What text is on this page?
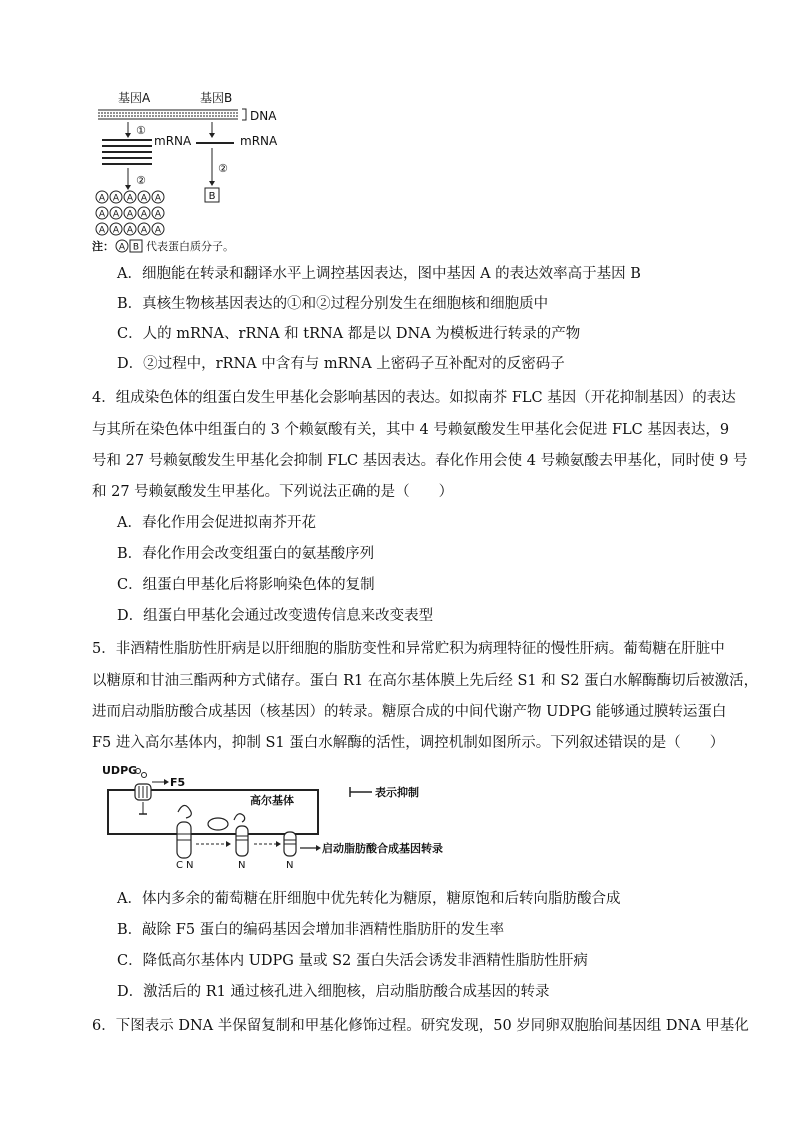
基因A	基因B
DNA
①
mRNA	mRNA
②
②
B
A A A A A
A A A A A
A A A A A
注： A B 代表蛋白质分子。
A．细胞能在转录和翻译水平上调控基因表达，图中基因 A 的表达效率高于基因 B
B．真核生物核基因表达的①和②过程分别发生在细胞核和细胞质中
C．人的 mRNA、rRNA 和 tRNA 都是以 DNA 为模板进行转录的产物
D．②过程中，rRNA 中含有与 mRNA 上密码子互补配对的反密码子
4．组成染色体的组蛋白发生甲基化会影响基因的表达。如拟南芥 FLC 基因（开花抑制基因）的表达
与其所在染色体中组蛋白的 3 个赖氨酸有关，其中 4 号赖氨酸发生甲基化会促进 FLC 基因表达，9
号和 27 号赖氨酸发生甲基化会抑制 FLC 基因表达。春化作用会使 4 号赖氨酸去甲基化，同时使 9 号
和 27 号赖氨酸发生甲基化。下列说法正确的是（　　）
A．春化作用会促进拟南芥开花
B．春化作用会改变组蛋白的氨基酸序列
C．组蛋白甲基化后将影响染色体的复制
D．组蛋白甲基化会通过改变遗传信息来改变表型
5．非酒精性脂肪性肝病是以肝细胞的脂肪变性和异常贮积为病理特征的慢性肝病。葡萄糖在肝脏中
以糖原和甘油三酯两种方式储存。蛋白 R1 在高尔基体膜上先后经 S1 和 S2 蛋白水解酶酶切后被激活，
进而启动脂肪酸合成基因（核基因）的转录。糖原合成的中间代谢产物 UDPG 能够通过膜转运蛋白
F5 进入高尔基体内，抑制 S1 蛋白水解酶的活性，调控机制如图所示。下列叙述错误的是（　　）
UDPG
F5
高尔基体
表示抑制
C N	N	N
启动脂肪酸合成基因转录
A．体内多余的葡萄糖在肝细胞中优先转化为糖原，糖原饱和后转向脂肪酸合成
B．敲除 F5 蛋白的编码基因会增加非酒精性脂肪肝的发生率
C．降低高尔基体内 UDPG 量或 S2 蛋白失活会诱发非酒精性脂肪性肝病
D．激活后的 R1 通过核孔进入细胞核，启动脂肪酸合成基因的转录
6．下图表示 DNA 半保留复制和甲基化修饰过程。研究发现，50 岁同卵双胞胎间基因组 DNA 甲基化
